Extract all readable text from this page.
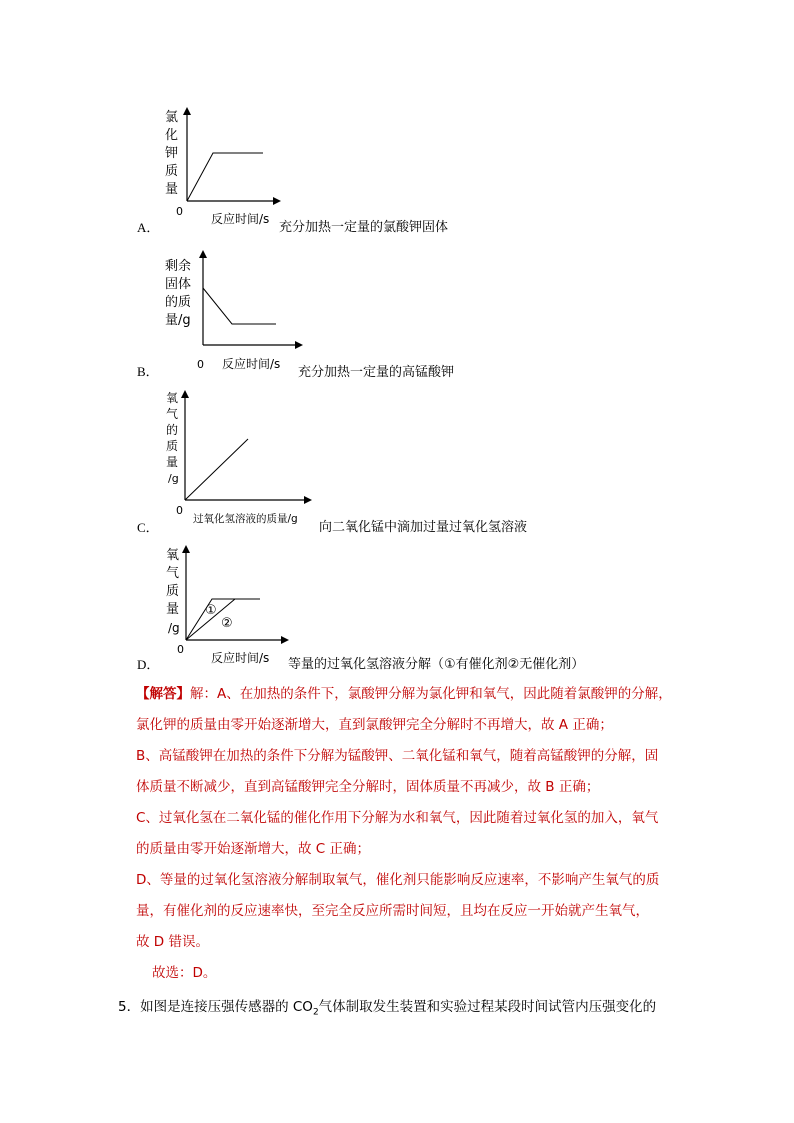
氯
化
钾
质
量
0
反应时间/s
A．	充分加热一定量的氯酸钾固体
剩余
固体
的质
量/g
0 反应时间/s
B．	充分加热一定量的高锰酸钾
氧
气
的
质
量
/g
0
过氧化氢溶液的质量/g
C．	向二氧化锰中滴加过量过氧化氢溶液
①
②
氧
气
质
量
/g
0
反应时间/s
D．	等量的过氧化氢溶液分解（①有催化剂②无催化剂）
【解答】解：A、在加热的条件下，氯酸钾分解为氯化钾和氧气，因此随着氯酸钾的分解，
氯化钾的质量由零开始逐渐增大，直到氯酸钾完全分解时不再增大，故 A 正确；
B、高锰酸钾在加热的条件下分解为锰酸钾、二氧化锰和氧气，随着高锰酸钾的分解，固
体质量不断减少，直到高锰酸钾完全分解时，固体质量不再减少，故 B 正确；
C、过氧化氢在二氧化锰的催化作用下分解为水和氧气，因此随着过氧化氢的加入，氧气
的质量由零开始逐渐增大，故 C 正确；
D、等量的过氧化氢溶液分解制取氧气，催化剂只能影响反应速率，不影响产生氧气的质
量，有催化剂的反应速率快，至完全反应所需时间短，且均在反应一开始就产生氧气，
故 D 错误。
故选：D。
5．如图是连接压强传感器的 $CO_2$气体制取发生装置和实验过程某段时间试管内压强变化的
